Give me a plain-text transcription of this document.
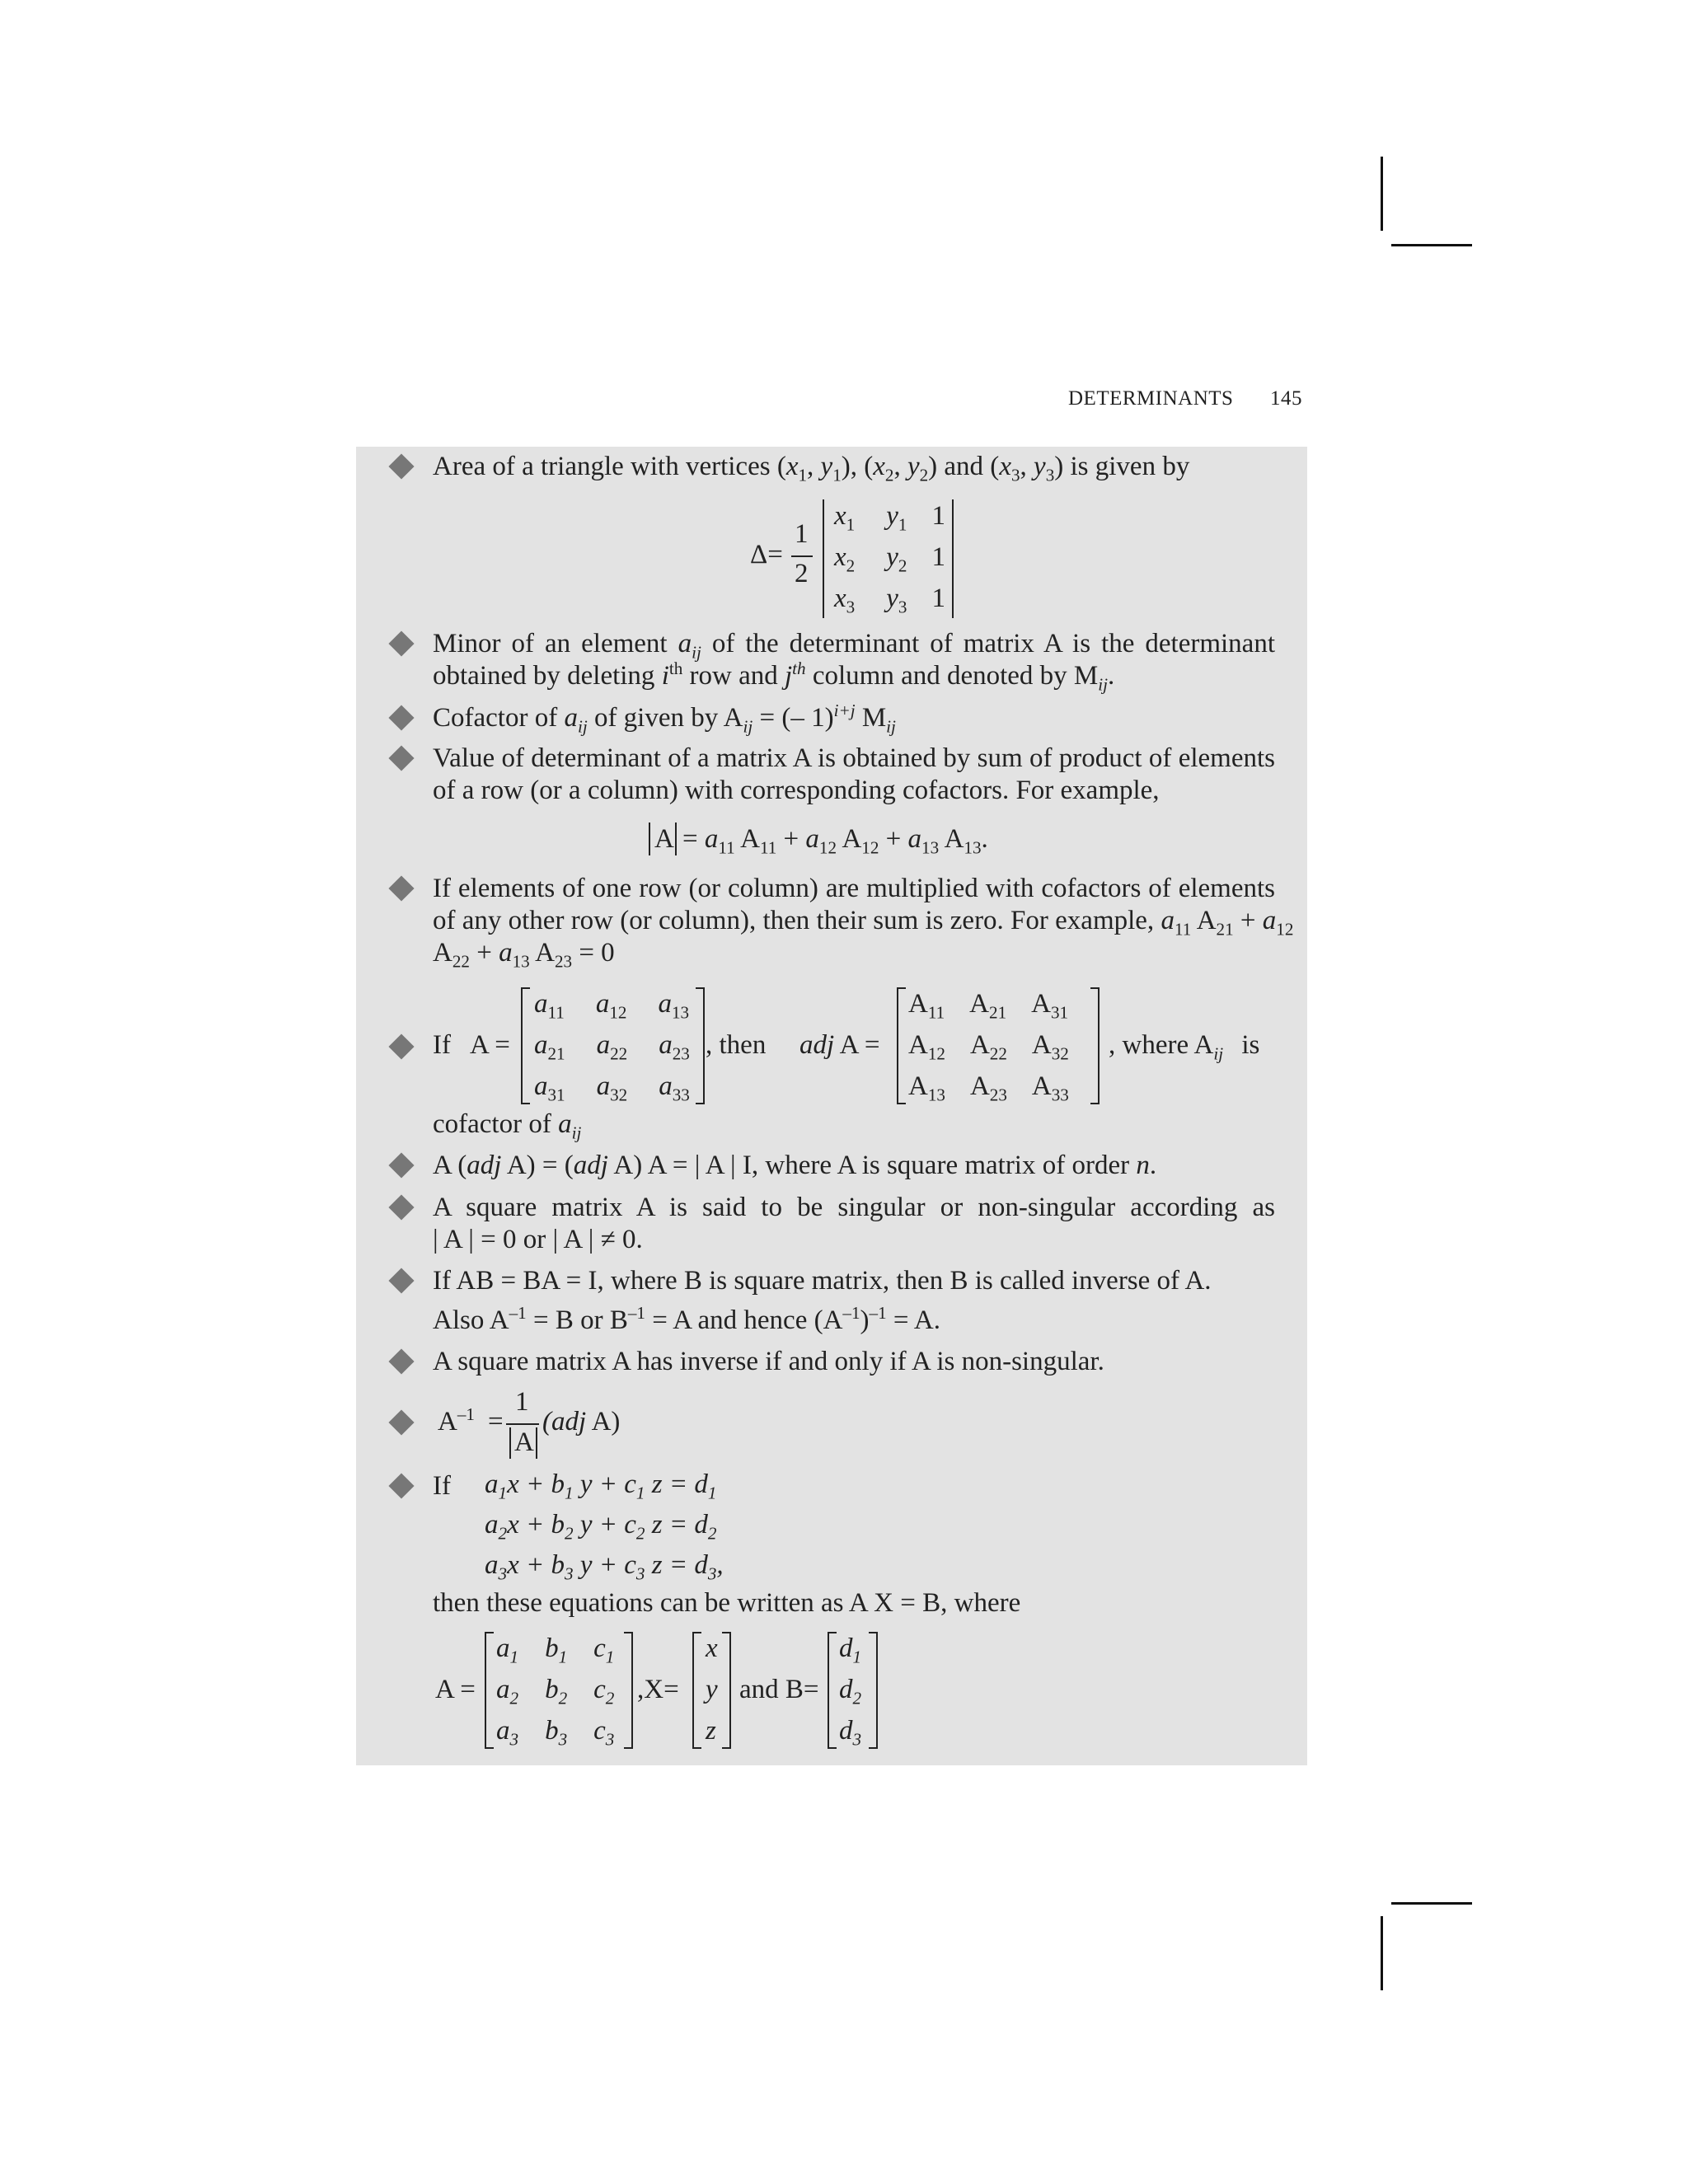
DETERMINANTS 145
Area of a triangle with vertices ($x_1$, $y_1$), ($x_2$, $y_2$) and ($x_3$, $y_3$) is given by
Δ=
1
2
$x_1$ $y_1$ 1
$x_2$ $y_2$ 1
$x_3$ $y_3$ 1
Minor of an element $a_{ij}$ of the determinant of matrix A is the determinant
obtained by deleting $i^{th}$ row and $j^{th}$ column and denoted by $M_{ij}$.
Cofactor of $a_{ij}$ of given by $A_{ij}$ = (– 1)$^{i+j}$ $M_{ij}$
Value of determinant of a matrix A is obtained by sum of product of elements
of a row (or a column) with corresponding cofactors. For example,
$A = a_{11}$ $A_{11} + a_{12}$ $A_{12} + a_{13}$ $A_{13}$.
If elements of one row (or column) are multiplied with cofactors of elements
of any other row (or column), then their sum is zero. For example, $a_{11}$ $A_{21} + a_{12}$
$A_{22} + a_{13}$ $A_{23} = 0$
If A =
$a_{11}$ $a_{12}$ $a_{13}$
$a_{21}$ $a_{22}$ $a_{23}$
$a_{31}$ $a_{32}$ $a_{33}$
, then adj A =
$A_{11}$ $A_{21}$ $A_{31}$
$A_{12}$ $A_{22}$ $A_{32}$
$A_{13}$ $A_{23}$ $A_{33}$
, where $A_{ij}$ is
cofactor of $a_{ij}$
A (adj A) = (adj A) A = | A | I, where A is square matrix of order n.
A square matrix A is said to be singular or non-singular according as
| A | = 0 or | A | ≠ 0.
If AB = BA = I, where B is square matrix, then B is called inverse of A.
Also $A^{-1} = B$ or $B^{-1} = A$ and hence $(A^{-1})^{-1} = A$.
A square matrix A has inverse if and only if A is non-singular.
$A^{-1}$ =
1
A
(adj A)
If $a_1x + b_1$ $y + c_1$ $z = d_1$
$a_2x + b_2$ $y + c_2$ $z = d_2$
$a_3x + b_3$ $y + c_3$ $z = d_3$,
then these equations can be written as A X = B, where
A =
$a_1$ $b_1$ $c_1$
$a_2$ $b_2$ $c_2$
$a_3$ $b_3$ $c_3$
,X=
x
y
z
and B=
$d_1$
$d_2$
$d_3$
